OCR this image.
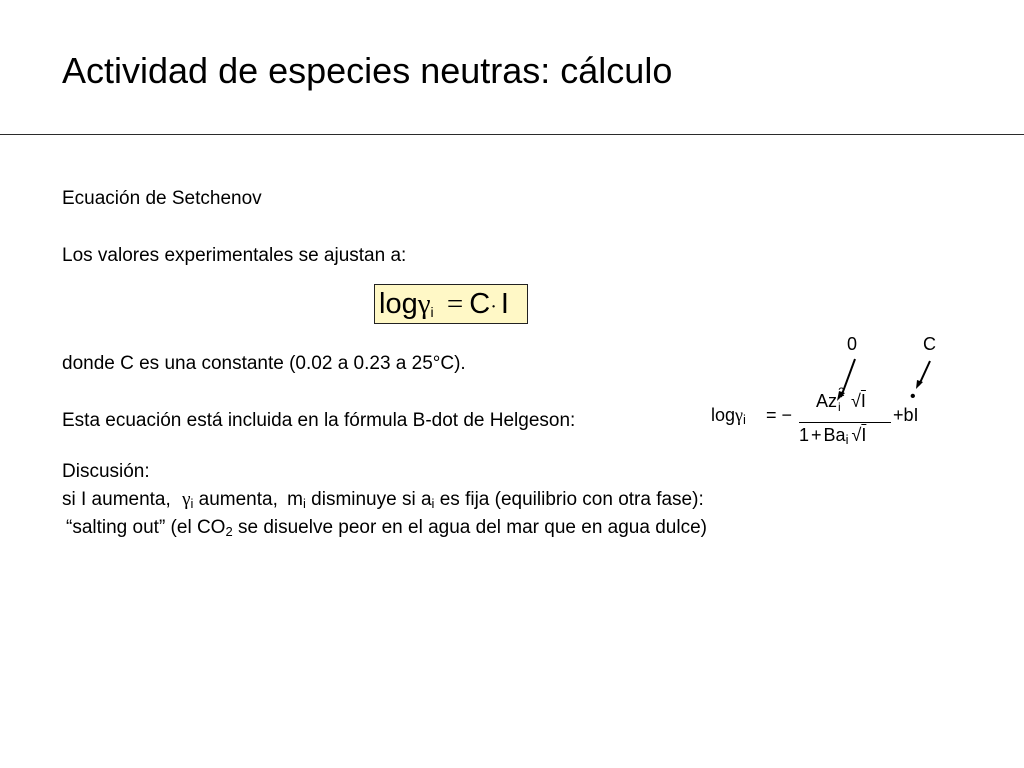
Actividad de especies neutras: cálculo
Ecuación de Setchenov
Los valores experimentales se ajustan a:
logγ$_i$ = C· I
donde C es una constante (0.02 a 0.23 a 25°C).
Esta ecuación está incluida en la fórmula B-dot de Helgeson:
0	C
logγ$_i$ = −
Az 2
i √I
$1 + Ba_i$ √I
+bI
•
Discusión:
si I aumenta, $\gamma_i$ aumenta, $m_i$ disminuye si $a_i$ es fija (equilibrio con otra fase):
“salting out” (el $CO_2$ se disuelve peor en el agua del mar que en agua dulce)
